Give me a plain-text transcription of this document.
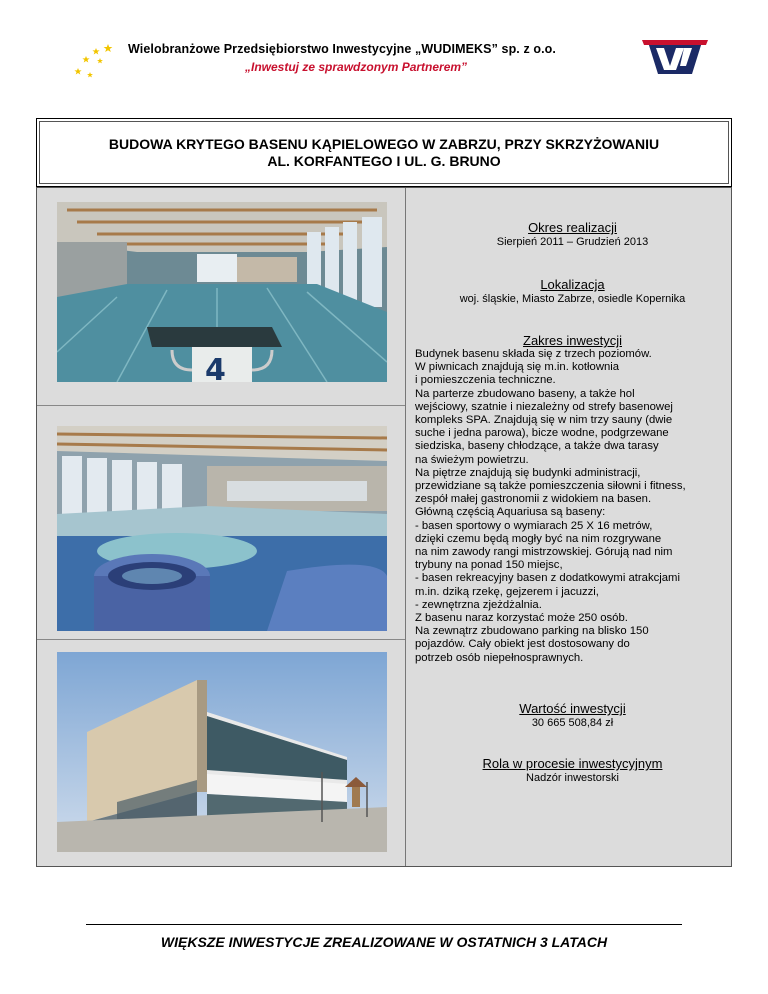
Wielobranżowe Przedsiębiorstwo Inwestycyjne „WUDIMEKS” sp. z o.o.
„Inwestuj ze sprawdzonym Partnerem”
BUDOWA KRYTEGO BASENU KĄPIELOWEGO W ZABRZU, PRZY SKRZYŻOWANIU
AL. KORFANTEGO I UL. G. BRUNO
4
Okres realizacji
Sierpień 2011 – Grudzień 2013
Lokalizacja
woj. śląskie, Miasto Zabrze, osiedle Kopernika
Zakres inwestycji
Budynek basenu składa się z trzech poziomów.
W piwnicach znajdują się m.in. kotłownia
i pomieszczenia techniczne.
Na parterze zbudowano baseny, a także hol
wejściowy, szatnie i niezależny od strefy basenowej
kompleks SPA. Znajdują się w nim trzy sauny (dwie
suche i jedna parowa), bicze wodne, podgrzewane
siedziska, baseny chłodzące, a także dwa tarasy
na świeżym powietrzu.
Na piętrze znajdują się budynki administracji,
przewidziane są także pomieszczenia siłowni i fitness,
zespół małej gastronomii z widokiem na basen.
Główną częścią Aquariusa są baseny:
- basen sportowy o wymiarach 25 X 16 metrów,
dzięki czemu będą mogły być na nim rozgrywane
na nim zawody rangi mistrzowskiej. Górują nad nim
trybuny na ponad 150 miejsc,
- basen rekreacyjny basen z dodatkowymi atrakcjami
m.in. dziką rzekę, gejzerem i jacuzzi,
- zewnętrzna zjeżdżalnia.
Z basenu naraz korzystać może 250 osób.
Na zewnątrz zbudowano parking na blisko 150
pojazdów. Cały obiekt jest dostosowany do
potrzeb osób niepełnosprawnych.
Wartość inwestycji
30 665 508,84 zł
Rola w procesie inwestycyjnym
Nadzór inwestorski
WIĘKSZE INWESTYCJE ZREALIZOWANE W OSTATNICH 3 LATACH
